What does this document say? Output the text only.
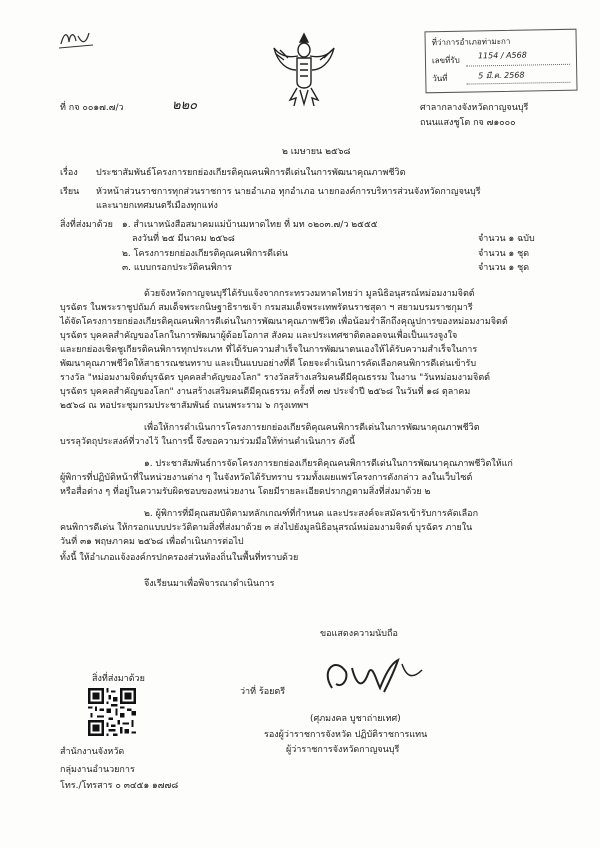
ที่ว่าการอำเภอท่ามะกา
เลขที่รับ
1154 / A568
วันที่	5 มี.ค. 2568
ที่ กจ ๐๐๑๗.๗/ว	๒๒๐	ศาลากลางจังหวัดกาญจนบุรี
ถนนแสงชูโต กจ ๗๑๐๐๐
๒ เมษายน ๒๕๖๘
เรื่อง ประชาสัมพันธ์โครงการยกย่องเกียรติคุณคนพิการดีเด่นในการพัฒนาคุณภาพชีวิต
เรียน หัวหน้าส่วนราชการทุกส่วนราชการ นายอำเภอ ทุกอำเภอ นายกองค์การบริหารส่วนจังหวัดกาญจนบุรี
และนายกเทศมนตรีเมืองทุกแห่ง
สิ่งที่ส่งมาด้วย ๑. สำเนาหนังสือสมาคมแม่บ้านมหาดไทย ที่ มท ๐๒๐๓.๗/ว ๒๕๕๕
ลงวันที่ ๒๕ มีนาคม ๒๕๖๘	จำนวน ๑ ฉบับ
๒. โครงการยกย่องเกียรติคุณคนพิการดีเด่น	จำนวน ๑ ชุด
๓. แบบกรอกประวัติคนพิการ	จำนวน ๑ ชุด
ด้วยจังหวัดกาญจนบุรีได้รับแจ้งจากกระทรวงมหาดไทยว่า มูลนิธิอนุสรณ์หม่อมงามจิตต์
บุรฉัตร ในพระราชูปถัมภ์ สมเด็จพระกนิษฐาธิราชเจ้า กรมสมเด็จพระเทพรัตนราชสุดา ฯ สยามบรมราชกุมารี
ได้จัดโครงการยกย่องเกียรติคุณคนพิการดีเด่นในการพัฒนาคุณภาพชีวิต เพื่อน้อมรำลึกถึงคุณูปการของหม่อมงามจิตต์
บุรฉัตร บุคคลสำคัญของโลกในการพัฒนาผู้ด้อยโอกาส สังคม และประเทศชาติตลอดจนเพื่อเป็นแรงจูงใจ
และยกย่องเชิดชูเกียรติคนพิการทุกประเภท ที่ได้รับความสำเร็จในการพัฒนาตนเองให้ได้รับความสำเร็จในการ
พัฒนาคุณภาพชีวิตให้สาธารณชนทราบ และเป็นแบบอย่างที่ดี โดยจะดำเนินการคัดเลือกคนพิการดีเด่นเข้ารับ
รางวัล "หม่อมงามจิตต์บุรฉัตร บุคคลสำคัญของโลก" รางวัลสร้างเสริมคนดีมีคุณธรรม ในงาน "วันหม่อมงามจิตต์
บุรฉัตร บุคคลสำคัญของโลก" งานสร้างเสริมคนดีมีคุณธรรม ครั้งที่ ๓๗ ประจำปี ๒๕๖๘ ในวันที่ ๑๘ ตุลาคม
๒๕๖๘ ณ หอประชุมกรมประชาสัมพันธ์ ถนนพระราม ๖ กรุงเทพฯ
เพื่อให้การดำเนินการโครงการยกย่องเกียรติคุณคนพิการดีเด่นในการพัฒนาคุณภาพชีวิต
บรรลุวัตถุประสงค์ที่วางไว้ ในการนี้ จึงขอความร่วมมือให้ท่านดำเนินการ ดังนี้
๑. ประชาสัมพันธ์การจัดโครงการยกย่องเกียรติคุณคนพิการดีเด่นในการพัฒนาคุณภาพชีวิตให้แก่
ผู้พิการที่ปฏิบัติหน้าที่ในหน่วยงานต่าง ๆ ในจังหวัดได้รับทราบ รวมทั้งเผยแพร่โครงการดังกล่าว ลงในเว็บไซต์
หรือสื่อต่าง ๆ ที่อยู่ในความรับผิดชอบของหน่วยงาน โดยมีรายละเอียดปรากฏตามสิ่งที่ส่งมาด้วย ๒
๒. ผู้พิการที่มีคุณสมบัติตามหลักเกณฑ์ที่กำหนด และประสงค์จะสมัครเข้ารับการคัดเลือก
คนพิการดีเด่น ให้กรอกแบบประวัติตามสิ่งที่ส่งมาด้วย ๓ ส่งไปยังมูลนิธิอนุสรณ์หม่อมงามจิตต์ บุรฉัตร ภายใน
วันที่ ๓๑ พฤษภาคม ๒๕๖๘ เพื่อดำเนินการต่อไป
ทั้งนี้ ให้อำเภอแจ้งองค์กรปกครองส่วนท้องถิ่นในพื้นที่ทราบด้วย
จึงเรียนมาเพื่อพิจารณาดำเนินการ
ขอแสดงความนับถือ
ว่าที่ ร้อยตรี
(ศุภมงคล บูชาถ่ายเทศ)
รองผู้ว่าราชการจังหวัด ปฏิบัติราชการแทน
ผู้ว่าราชการจังหวัดกาญจนบุรี
สิ่งที่ส่งมาด้วย
สำนักงานจังหวัด
กลุ่มงานอำนวยการ
โทร./โทรสาร ๐ ๓๔๕๑ ๑๗๗๘
